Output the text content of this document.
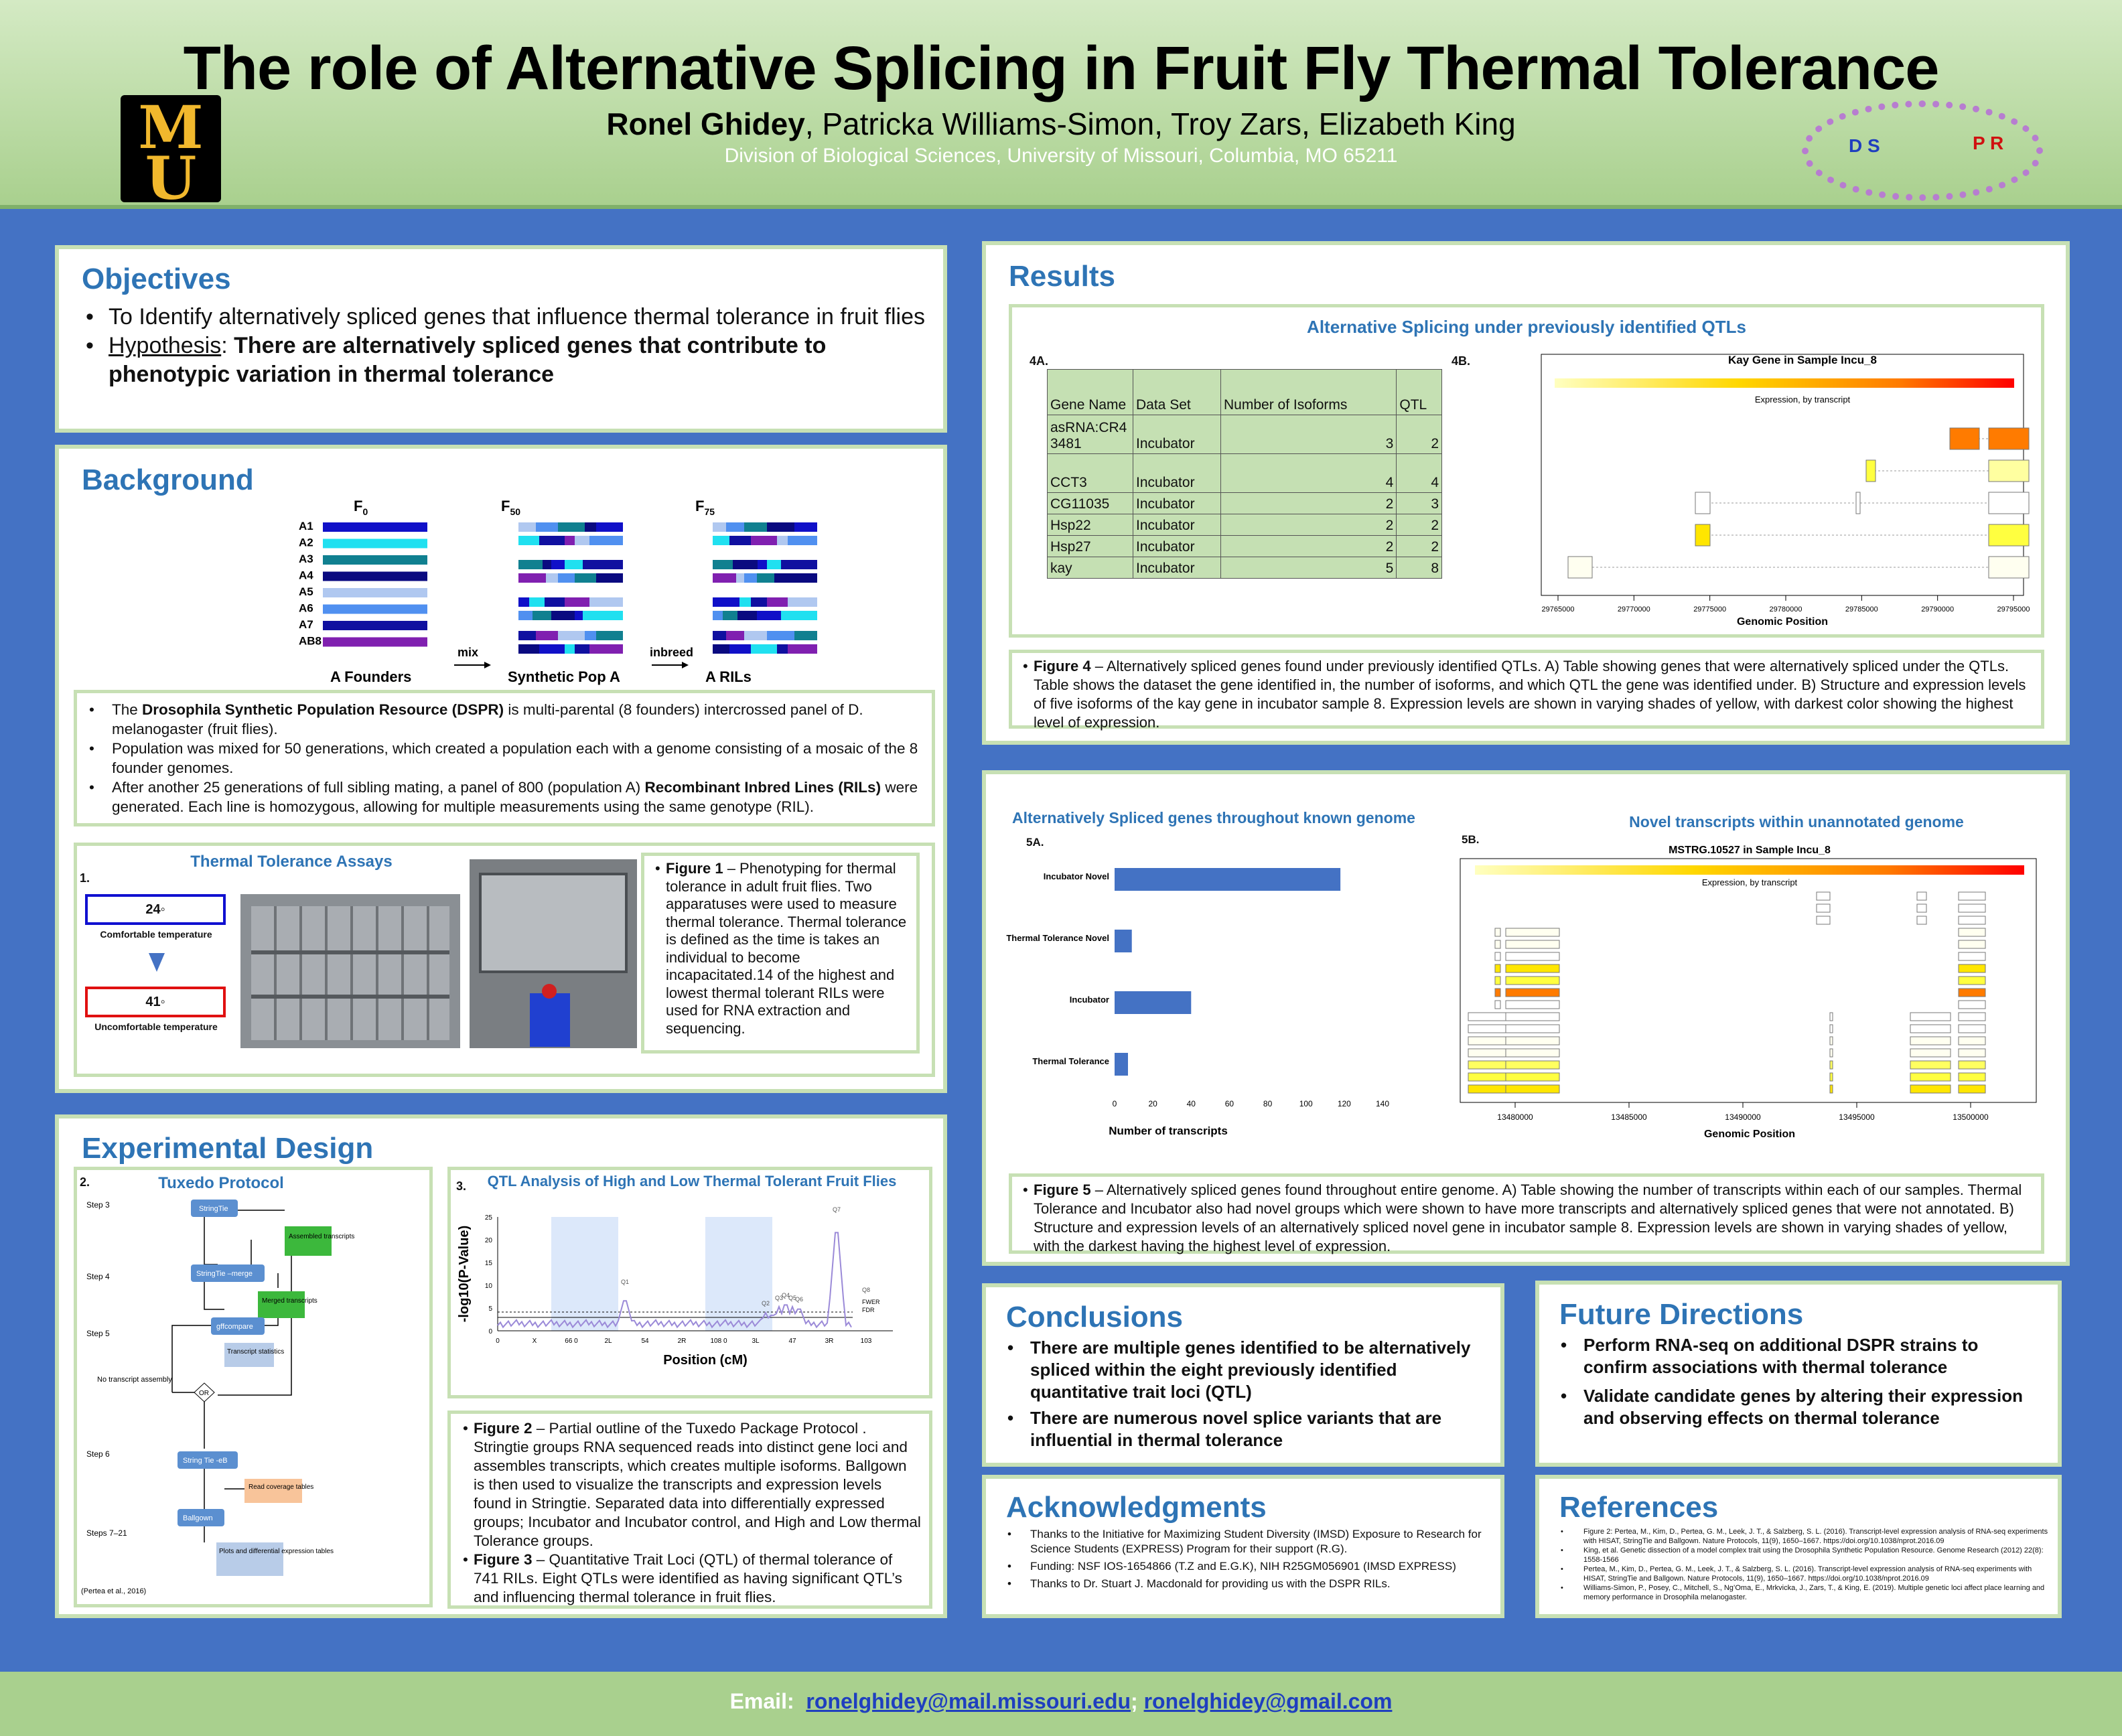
M
U
The role of Alternative Splicing in Fruit Fly Thermal Tolerance
Ronel Ghidey, Patricka Williams-Simon, Troy Zars, Elizabeth King
Division of Biological Sciences, University of Missouri, Columbia, MO 65211	D S	P R
Objectives
• To Identify alternatively spliced genes that influence thermal tolerance in fruit flies
• Hypothesis: There are alternatively spliced genes that contribute to phenotypic variation in thermal tolerance
Background
$F_0$	$F_{50}$	$F_{75}$
A1
A2
A3
A4
A5
A6
A7
AB8
mix	inbreed
A Founders	Synthetic Pop A	A RILs
• The Drosophila Synthetic Population Resource (DSPR) is multi-parental (8 founders) intercrossed panel of D. melanogaster (fruit flies).
• Population was mixed for 50 generations, which created a population each with a genome consisting of a mosaic of the 8 founder genomes.
• After another 25 generations of full sibling mating, a panel of 800 (population A) Recombinant Inbred Lines (RILs) were generated. Each line is homozygous, allowing for multiple measurements using the same genotype (RIL).
Thermal Tolerance Assays
1.
24◦
Comfortable temperature
41◦
Uncomfortable temperature
• Figure 1 – Phenotyping for thermal tolerance in adult fruit flies. Two apparatuses were used to measure thermal tolerance. Thermal tolerance is defined as the time is takes an individual to become incapacitated.14 of the highest and lowest thermal tolerant RILs were used for RNA extraction and sequencing.
Experimental Design
2.	Tuxedo Protocol
Step 3
Step 4
Step 5
Step 6
Steps 7–21
StringTie
Assembled transcripts
StringTie –merge
Merged transcripts
gffcompare
Transcript statistics
No transcript assembly
OR
String Tie -eB
Read coverage tables
Ballgown
Plots and differential expression tables
(Pertea et al., 2016)
3.	QTL Analysis of High and Low Thermal Tolerant Fruit Flies
0
5
10
15
20
25
-log10(P-Value)
0	X	66 0	2L	54	2R	108 0	3L	47	3R	103
Position (cM)
FWER
FDR
Q1
Q2
Q3
Q4
Q5
Q6
Q7
Q8
• Figure 2 – Partial outline of the Tuxedo Package Protocol . Stringtie groups RNA sequenced reads into distinct gene loci and assembles transcripts, which creates multiple isoforms. Ballgown is then used to visualize the transcripts and expression levels found in Stringtie. Separated data into differentially expressed groups; Incubator and Incubator control, and High and Low thermal Tolerance groups.
• Figure 3 – Quantitative Trait Loci (QTL) of thermal tolerance of 741 RILs. Eight QTLs were identified as having significant QTL’s and influencing thermal tolerance in fruit flies.
Results
Alternative Splicing under previously identified QTLs
4A.	4B.
Gene Name	Data Set	Number of Isoforms	QTL
asRNA:CR43481	Incubator	3	2
CCT3	Incubator	4	4
CG11035	Incubator	2	3
Hsp22	Incubator	2	2
Hsp27	Incubator	2	2
kay	Incubator	5	8
Kay Gene in Sample Incu_8
Expression, by transcript
29765000	29770000	29775000	29780000	29785000	29790000	29795000
Genomic Position
• Figure 4 – Alternatively spliced genes found under previously identified QTLs. A) Table showing genes that were alternatively spliced under the QTLs. Table shows the dataset the gene identified in, the number of isoforms, and which QTL the gene was identified under. B) Structure and expression levels of five isoforms of the kay gene in incubator sample 8. Expression levels are shown in varying shades of yellow, with darkest color showing the highest level of expression.
Alternatively Spliced genes throughout known genome	Novel transcripts within unannotated genome
5A.	5B.
Incubator Novel
Thermal Tolerance Novel
Incubator
Thermal Tolerance
0	20	40	60	80	100	120	140
Number of transcripts
MSTRG.10527 in Sample Incu_8
Expression, by transcript
13480000	13485000	13490000	13495000	13500000
Genomic Position
• Figure 5 – Alternatively spliced genes found throughout entire genome. A) Table showing the number of transcripts within each of our samples. Thermal Tolerance and Incubator also had novel groups which were shown to have more transcripts and alternatively spliced genes that were not annotated. B) Structure and expression levels of an alternatively spliced novel gene in incubator sample 8. Expression levels are shown in varying shades of yellow, with the darkest having the highest level of expression.
Conclusions
• There are multiple genes identified to be alternatively spliced within the eight previously identified quantitative trait loci (QTL)
• There are numerous novel splice variants that are influential in thermal tolerance
Future Directions
• Perform RNA-seq on additional DSPR strains to confirm associations with thermal tolerance
• Validate candidate genes by altering their expression and observing effects on thermal tolerance
Acknowledgments
• Thanks to the Initiative for Maximizing Student Diversity (IMSD) Exposure to Research for Science Students (EXPRESS) Program for their support (R.G).
• Funding: NSF IOS-1654866 (T.Z and E.G.K), NIH R25GM056901 (IMSD EXPRESS)
• Thanks to Dr. Stuart J. Macdonald for providing us with the DSPR RILs.
References
• Figure 2: Pertea, M., Kim, D., Pertea, G. M., Leek, J. T., & Salzberg, S. L. (2016). Transcript-level expression analysis of RNA-seq experiments with HISAT, StringTie and Ballgown. Nature Protocols, 11(9), 1650–1667. https://doi.org/10.1038/nprot.2016.09
• King, et al. Genetic dissection of a model complex trait using the Drosophila Synthetic Population Resource. Genome Research (2012) 22(8): 1558-1566
• Pertea, M., Kim, D., Pertea, G. M., Leek, J. T., & Salzberg, S. L. (2016). Transcript-level expression analysis of RNA-seq experiments with HISAT, StringTie and Ballgown. Nature Protocols, 11(9), 1650–1667. https://doi.org/10.1038/nprot.2016.09
• Williams-Simon, P., Posey, C., Mitchell, S., Ng’Oma, E., Mrkvicka, J., Zars, T., & King, E. (2019). Multiple genetic loci affect place learning and memory performance in Drosophila melanogaster.
Email: ronelghidey@mail.missouri.edu; ronelghidey@gmail.com
